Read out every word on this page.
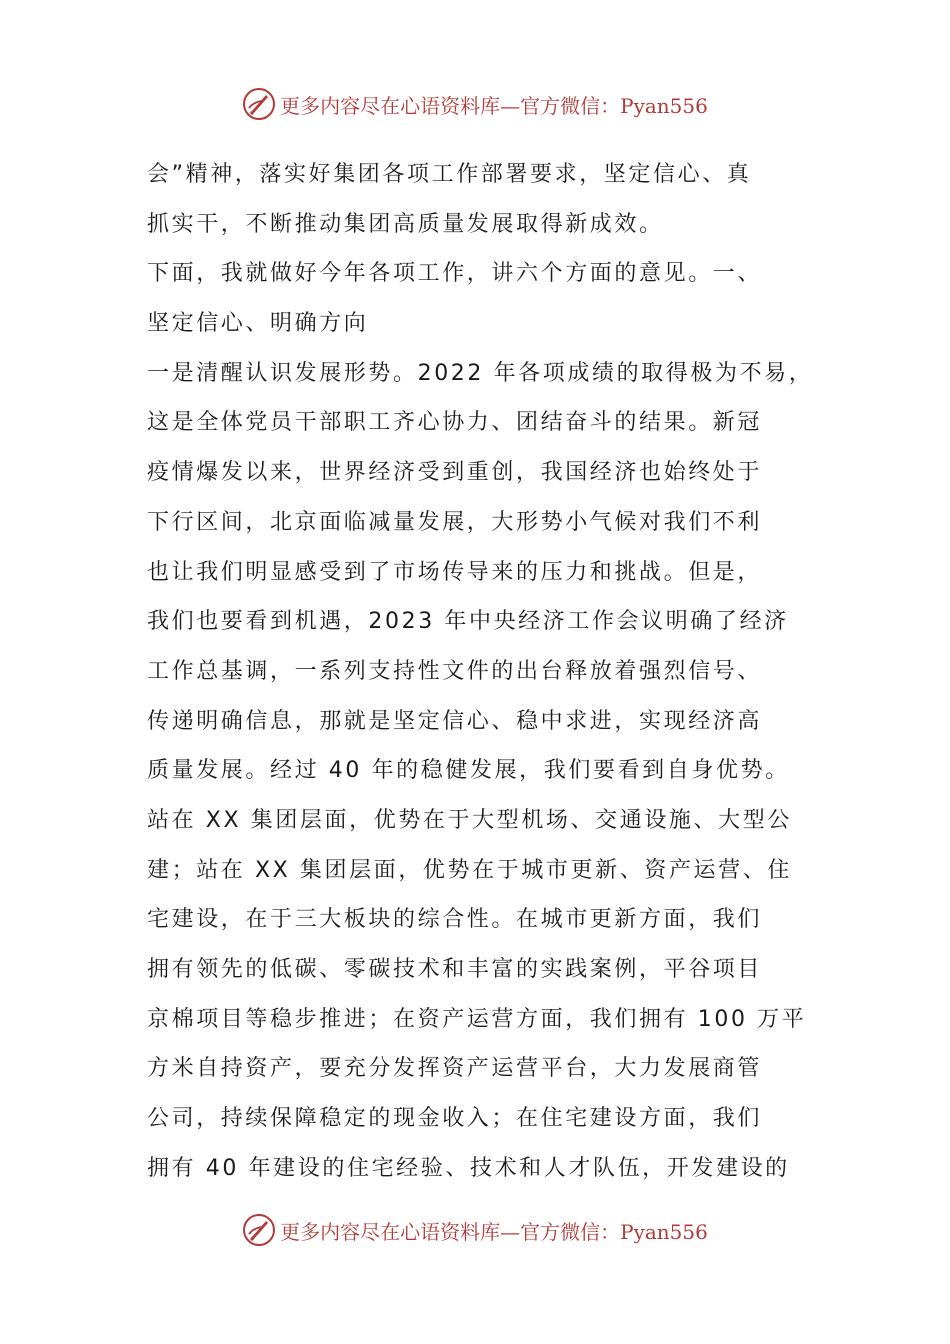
更多内容尽在心语资料库—官方微信：Pyan556
会”精神，落实好集团各项工作部署要求，坚定信心、真
抓实干，不断推动集团高质量发展取得新成效。
下面，我就做好今年各项工作，讲六个方面的意见。一、
坚定信心、明确方向
一是清醒认识发展形势。2022 年各项成绩的取得极为不易，
这是全体党员干部职工齐心协力、团结奋斗的结果。新冠
疫情爆发以来，世界经济受到重创，我国经济也始终处于
下行区间，北京面临减量发展，大形势小气候对我们不利
也让我们明显感受到了市场传导来的压力和挑战。但是，
我们也要看到机遇，2023 年中央经济工作会议明确了经济
工作总基调，一系列支持性文件的出台释放着强烈信号、
传递明确信息，那就是坚定信心、稳中求进，实现经济高
质量发展。经过 40 年的稳健发展，我们要看到自身优势。
站在 XX 集团层面，优势在于大型机场、交通设施、大型公
建；站在 XX 集团层面，优势在于城市更新、资产运营、住
宅建设，在于三大板块的综合性。在城市更新方面，我们
拥有领先的低碳、零碳技术和丰富的实践案例，平谷项目
京棉项目等稳步推进；在资产运营方面，我们拥有 100 万平
方米自持资产，要充分发挥资产运营平台，大力发展商管
公司，持续保障稳定的现金收入；在住宅建设方面，我们
拥有 40 年建设的住宅经验、技术和人才队伍，开发建设的
更多内容尽在心语资料库—官方微信：Pyan556
